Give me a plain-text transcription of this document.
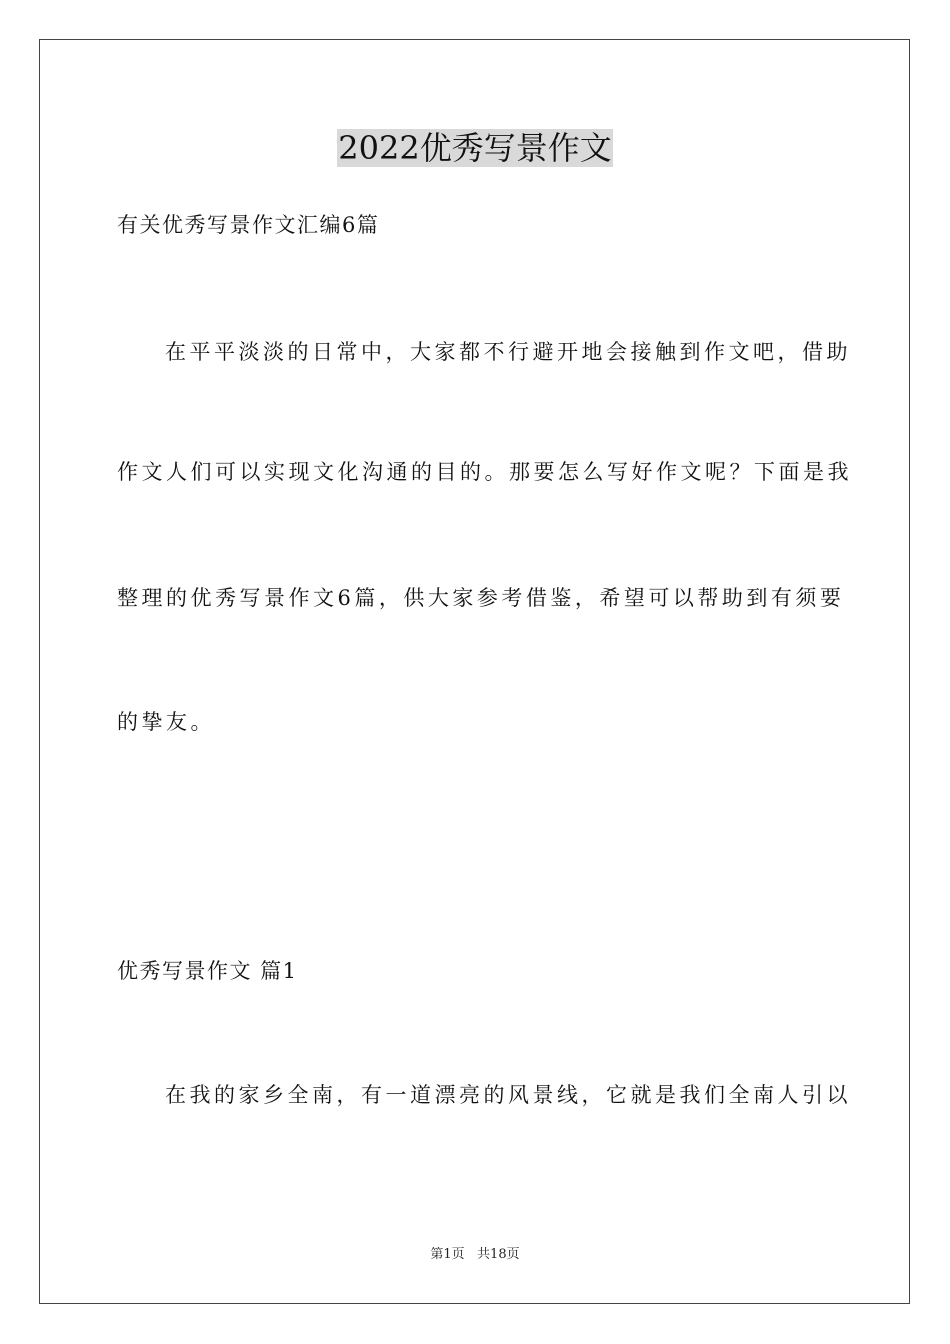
2022优秀写景作文
有关优秀写景作文汇编6篇
在平平淡淡的日常中，大家都不行避开地会接触到作文吧，借助
作文人们可以实现文化沟通的目的。那要怎么写好作文呢？下面是我
整理的优秀写景作文6篇，供大家参考借鉴，希望可以帮助到有须要
的挚友。
优秀写景作文 篇1
在我的家乡全南，有一道漂亮的风景线，它就是我们全南人引以
第1页   共18页
